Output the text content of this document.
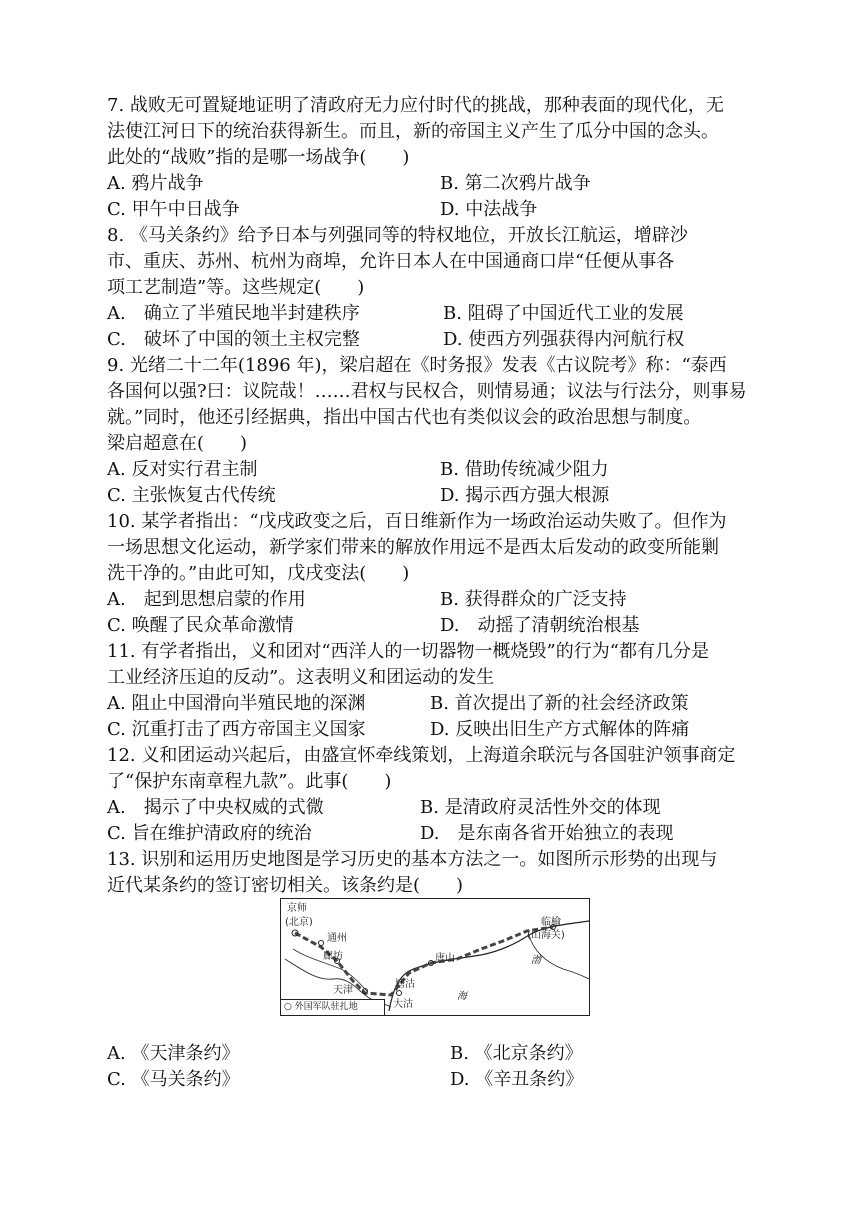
7. 战败无可置疑地证明了清政府无力应付时代的挑战，那种表面的现代化，无
法使江河日下的统治获得新生。而且，新的帝国主义产生了瓜分中国的念头。
此处的“战败”指的是哪一场战争(　　)
A. 鸦片战争	B. 第二次鸦片战争
C. 甲午中日战争	D. 中法战争
8. 《马关条约》给予日本与列强同等的特权地位，开放长江航运，增辟沙
市、重庆、苏州、杭州为商埠，允许日本人在中国通商口岸“任便从事各
项工艺制造”等。这些规定(　　)
A.　确立了半殖民地半封建秩序	B. 阻碍了中国近代工业的发展
C.　破坏了中国的领土主权完整	D. 使西方列强获得内河航行权
9. 光绪二十二年(1896 年)，梁启超在《时务报》发表《古议院考》称：“泰西
各国何以强?曰：议院哉！……君权与民权合，则情易通；议法与行法分，则事易
就。”同时，他还引经据典，指出中国古代也有类似议会的政治思想与制度。
梁启超意在(　　)
A. 反对实行君主制	B. 借助传统减少阻力
C. 主张恢复古代传统	D. 揭示西方强大根源
10. 某学者指出：“戊戌政变之后，百日维新作为一场政治运动失败了。但作为
一场思想文化运动，新学家们带来的解放作用远不是西太后发动的政变所能剿
洗干净的。”由此可知，戊戌变法(　　)
A.　起到思想启蒙的作用	B. 获得群众的广泛支持
C. 唤醒了民众革命激情	D.　动摇了清朝统治根基
11. 有学者指出，义和团对“西洋人的一切器物一概烧毁”的行为“都有几分是
工业经济压迫的反动”。这表明义和团运动的发生
A. 阻止中国滑向半殖民地的深渊	B. 首次提出了新的社会经济政策
C. 沉重打击了西方帝国主义国家	D. 反映出旧生产方式解体的阵痛
12. 义和团运动兴起后，由盛宣怀牵线策划，上海道余联沅与各国驻沪领事商定
了“保护东南章程九款”。此事(　　)
A.　揭示了中央权威的式微	B. 是清政府灵活性外交的体现
C. 旨在维护清政府的统治	D.　是东南各省开始独立的表现
13. 识别和运用历史地图是学习历史的基本方法之一。如图所示形势的出现与
近代某条约的签订密切相关。该条约是(　　)
京师
(北京)
通州
廊坊
天津
塘沽
大沽
唐山
临榆
(山海关)
渤
海
○ 外国军队驻扎地
A. 《天津条约》	B. 《北京条约》
C. 《马关条约》	D. 《辛丑条约》
